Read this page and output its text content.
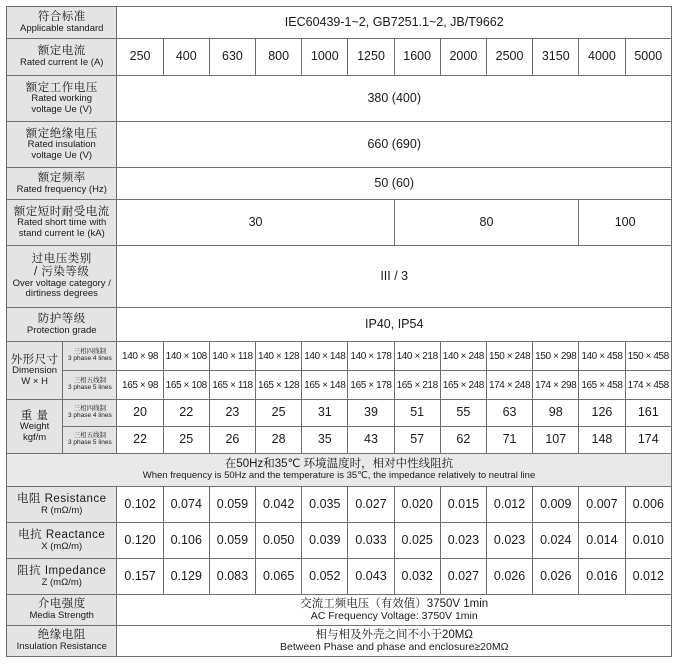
符合标准
Applicable standard		IEC60439-1~2, GB7251.1~2, JB/T9662											

额定电流
Rated current Ie (A)		250	400	630	800	1000	1250	1600	2000	2500	3150	4000	5000

额定工作电压
Rated working
voltage Ue (V)		380 (400)											

额定绝缘电压
Rated insulation
voltage Ue (V)		660 (690)											

额定频率
Rated frequency (Hz)		50 (60)											

额定短时耐受电流
Rated short time with
stand current Ie (kA)		30						80				100	

过电压类别
/ 污染等级
Over voltage category /
dirtiness degrees		III / 3											

防护等级
Protection grade		IP40, IP54											

外形尺寸
Dimension
W × H	三相四线制
3 phase 4 lines	140 × 98	140 × 108	140 × 118	140 × 128	140 × 148	140 × 178	140 × 218	140 × 248	150 × 248	150 × 298	140 × 458	150 × 458

	三相五线制
3 phase 5 lines	165 × 98	165 × 108	165 × 118	165 × 128	165 × 148	165 × 178	165 × 218	165 × 248	174 × 248	174 × 298	165 × 458	174 × 458

重 量
Weight
kgf/m	三相四线制
3 phase 4 lines	20	22	23	25	31	39	51	55	63	98	126	161

	三相五线制
3 phase 5 lines	22	25	26	28	35	43	57	62	71	107	148	174

在50Hz和35℃ 环境温度时，相对中性线阻抗
When frequency is 50Hz and the temperature is 35℃, the impedance relatively to neutral line													

电阻 Resistance
R (mΩ/m)		0.102	0.074	0.059	0.042	0.035	0.027	0.020	0.015	0.012	0.009	0.007	0.006

电抗 Reactance
X (mΩ/m)		0.120	0.106	0.059	0.050	0.039	0.033	0.025	0.023	0.023	0.024	0.014	0.010

阻抗 Impedance
Z (mΩ/m)		0.157	0.129	0.083	0.065	0.052	0.043	0.032	0.027	0.026	0.026	0.016	0.012

介电强度
Media Strength		交流工频电压（有效值）3750V 1min
AC Frequency Voltage: 3750V 1min											

绝缘电阻
Insulation Resistance		相与相及外壳之间不小于20MΩ
Between Phase and phase and enclosure≥20MΩ											
